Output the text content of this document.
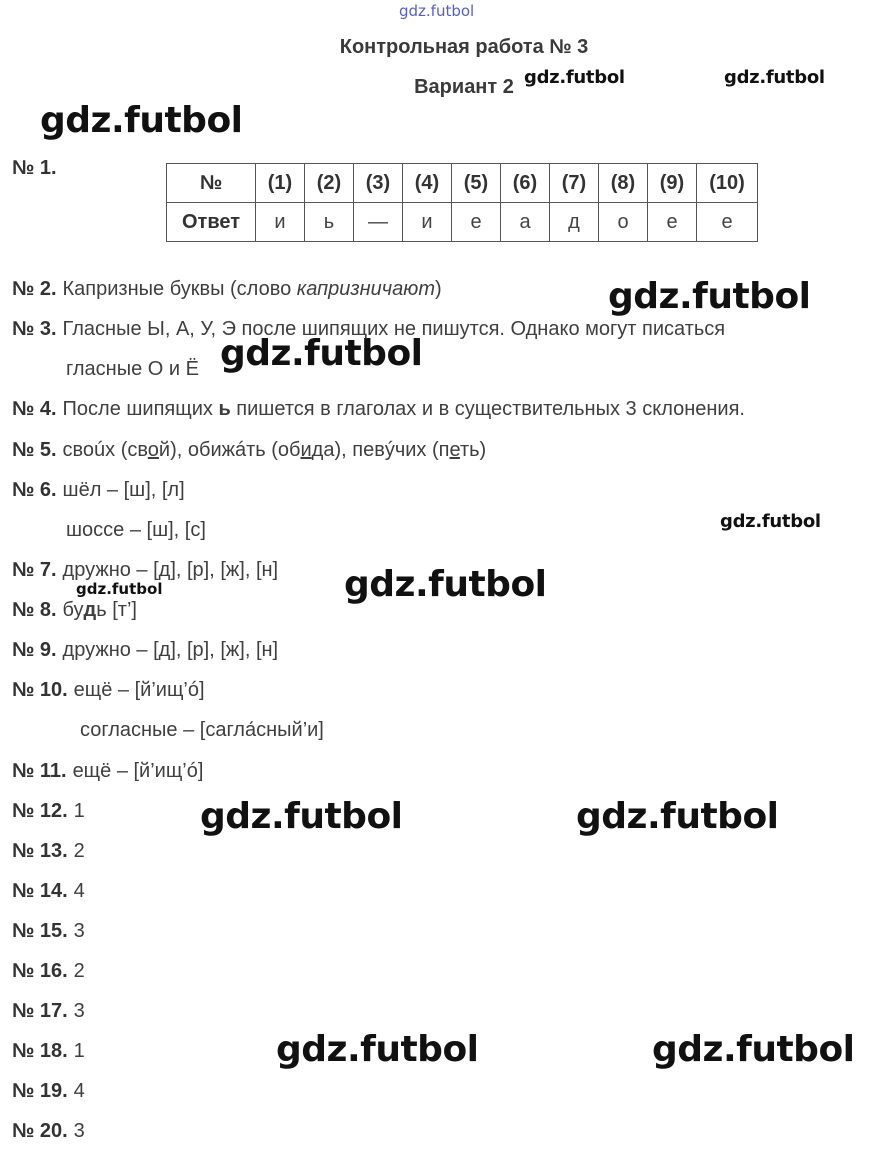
gdz.futbol
gdz.futbol	gdz.futbol
gdz.futbol
gdz.futbol
gdz.futbol
gdz.futbol
gdz.futbol
gdz.futbol
gdz.futbol	gdz.futbol
gdz.futbol	gdz.futbol
Контрольная работа № 3
Вариант 2
№ 1.
№	(1)	(2)	(3)	(4)	(5)	(6)	(7)	(8)	(9)	(10)
Ответ	и	ь	—	и	е	а	д	о	е	е
№ 2. Капризные буквы (слово капризничают)
№ 3. Гласные Ы, А, У, Э после шипящих не пишутся. Однако могут писаться
гласные О и Ё
№ 4. После шипящих ь пишется в глаголах и в существительных 3 склонения.
№ 5. своúх (свой), обижáть (обида), певýчих (петь)
№ 6. шёл – [ш], [л]
шоссе – [ш], [с]
№ 7. дружно – [д], [р], [ж], [н]
№ 8. будь [т’]
№ 9. дружно – [д], [р], [ж], [н]
№ 10. ещё – [й’ищ’ó]
согласные – [сагла́сный’и]
№ 11. ещё – [й’ищ’ó]
№ 12. 1
№ 13. 2
№ 14. 4
№ 15. 3
№ 16. 2
№ 17. 3
№ 18. 1
№ 19. 4
№ 20. 3
